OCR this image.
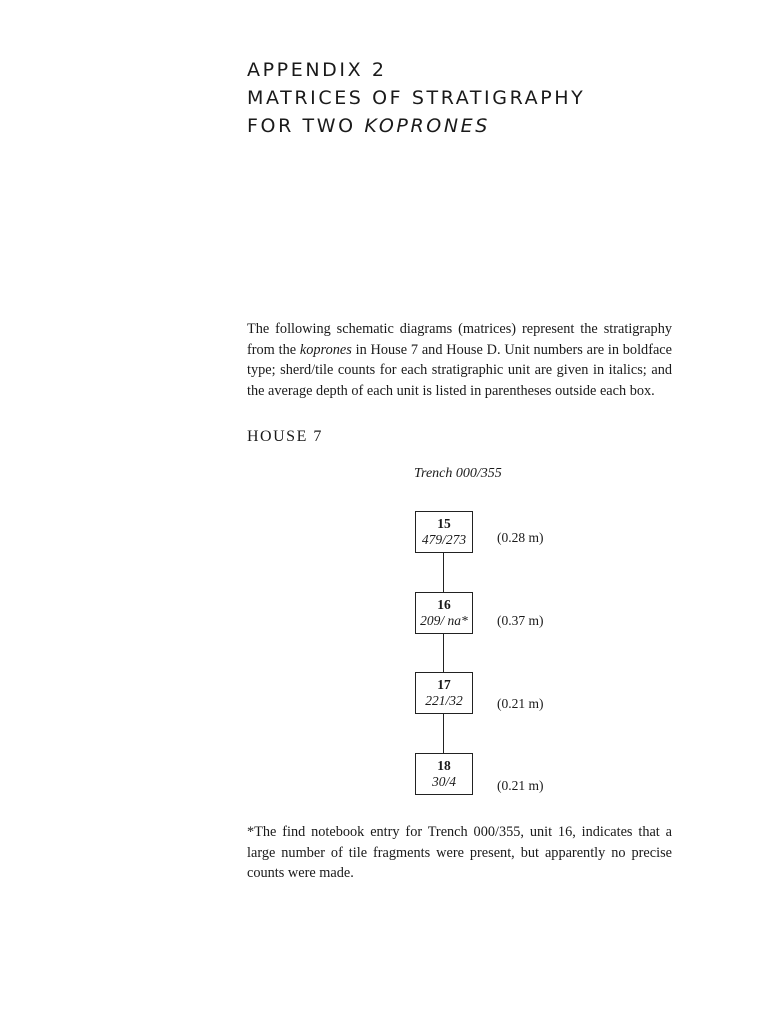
APPENDIX 2
MATRICES OF STRATIGRAPHY
FOR TWO KOPRONES

The following schematic diagrams (matrices) represent the stratigraphy from the koprones in House 7 and House D. Unit numbers are in boldface type; sherd/tile counts for each stratigraphic unit are given in italics; and the average depth of each unit is listed in parentheses outside each box.

HOUSE 7

Trench 000/355

15
479/273	(0.28 m)
16
209/ na*	(0.37 m)
17
221/32	(0.21 m)
18
30/4	(0.21 m)

*The find notebook entry for Trench 000/355, unit 16, indicates that a large number of tile fragments were present, but apparently no precise counts were made.
